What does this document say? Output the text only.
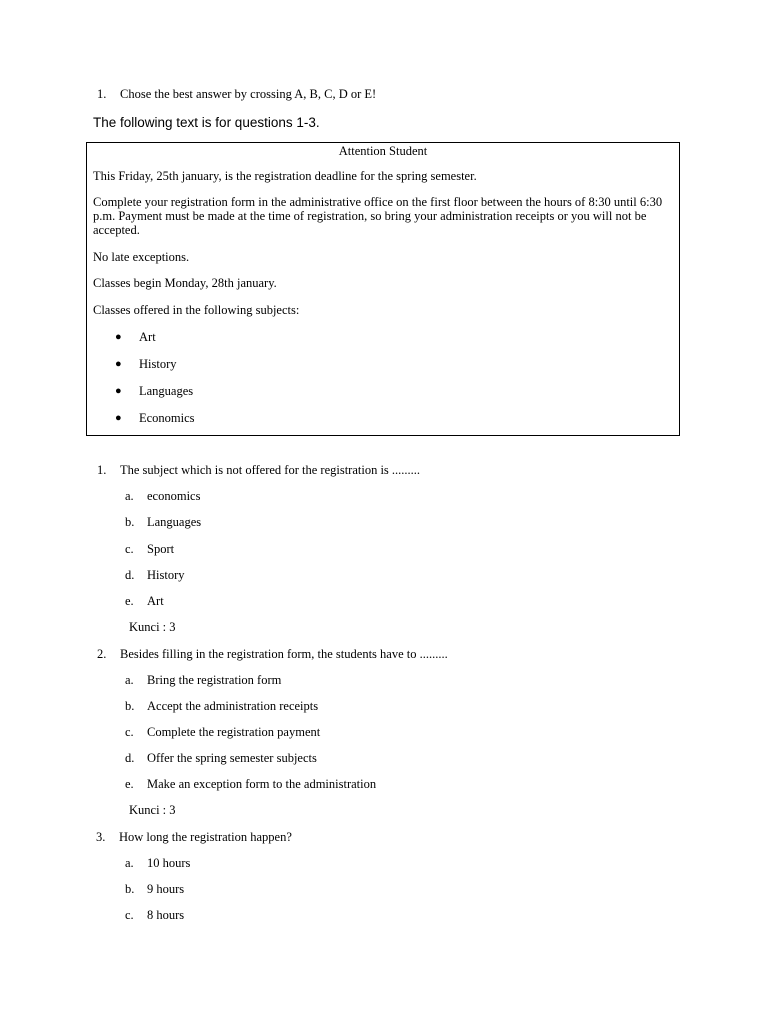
1. Chose the best answer by crossing A, B, C, D or E!
The following text is for questions 1-3.
Attention Student
This Friday, 25th january, is the registration deadline for the spring semester.
Complete your registration form in the administrative office on the first floor between the hours of 8:30 until 6:30 p.m. Payment must be made at the time of registration, so bring your administration receipts or you will not be accepted.
No late exceptions.
Classes begin Monday, 28th january.
Classes offered in the following subjects:
● Art
● History
● Languages
● Economics
1. The subject which is not offered for the registration is .........
a. economics
b. Languages
c. Sport
d. History
e. Art
Kunci : 3
2. Besides filling in the registration form, the students have to .........
a. Bring the registration form
b. Accept the administration receipts
c. Complete the registration payment
d. Offer the spring semester subjects
e. Make an exception form to the administration
Kunci : 3
3. How long the registration happen?
a. 10 hours
b. 9 hours
c. 8 hours
